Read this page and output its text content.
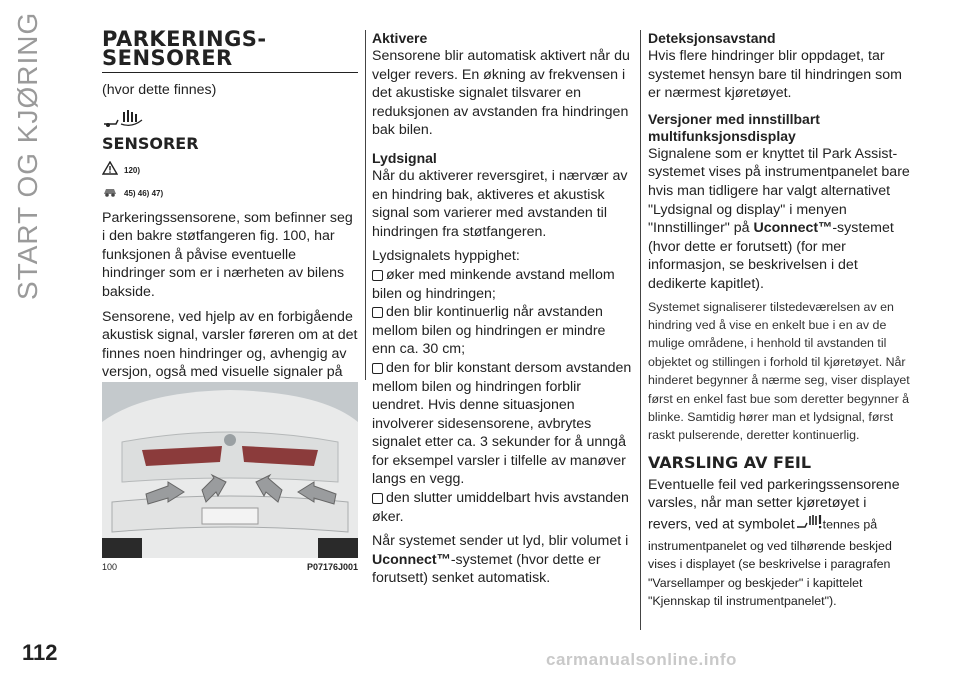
START OG KJØRING
112	carmanualsonline.info
PARKERINGS-
SENSORER

(hvor dette finnes)

SENSORER
120)
45) 46) 47)

Parkeringssensorene, som befinner seg i den bakre støtfangeren fig. 100, har funksjonen å påvise eventuelle hindringer som er i nærheten av bilens bakside.

Sensorene, ved hjelp av en forbigående akustisk signal, varsler føreren om at det finnes noen hindringer og, avhengig av versjon, også med visuelle signaler på

100	P07176J001
Aktivere

Sensorene blir automatisk aktivert når du velger revers. En økning av frekvensen i det akustiske signalet tilsvarer en reduksjonen av avstanden fra hindringen bak bilen.

Lydsignal

Når du aktiverer reversgiret, i nærvær av en hindring bak, aktiveres et akustisk signal som varierer med avstanden til hindringen fra støtfangeren.

Lydsignalets hyppighet:

øker med minkende avstand mellom bilen og hindringen;

den blir kontinuerlig når avstanden mellom bilen og hindringen er mindre enn ca. 30 cm;

den for blir konstant dersom avstanden mellom bilen og hindringen forblir uendret. Hvis denne situasjonen involverer sidesensorene, avbrytes signalet etter ca. 3 sekunder for å unngå for eksempel varsler i tilfelle av manøver langs en vegg.

den slutter umiddelbart hvis avstanden øker.

Når systemet sender ut lyd, blir volumet i Uconnect™-systemet (hvor dette er forutsett) senket automatisk.

Deteksjonsavstand

Hvis flere hindringer blir oppdaget, tar systemet hensyn bare til hindringen som er nærmest kjøretøyet.

Versjoner med innstillbart multifunksjonsdisplay

Signalene som er knyttet til Park Assist-systemet vises på instrumentpanelet bare hvis man tidligere har valgt alternativet "Lydsignal og display" i menyen "Innstillinger" på Uconnect™-systemet (hvor dette er forutsett) (for mer informasjon, se beskrivelsen i det dedikerte kapitlet).

Systemet signaliserer tilstedeværelsen av en hindring ved å vise en enkelt bue i en av de mulige områdene, i henhold til avstanden til objektet og stillingen i forhold til kjøretøyet. Når hinderet begynner å nærme seg, viser displayet først en enkel fast bue som deretter begynner å blinke. Samtidig hører man et lydsignal, først raskt pulserende, deretter kontinuerlig.

VARSLING AV FEIL

Eventuelle feil ved parkeringssensorene varsles, når man setter kjøretøyet i revers, ved at symbolet tennes på instrumentpanelet og ved tilhørende beskjed vises i displayet (se beskrivelse i paragrafen "Varsellamper og beskjeder" i kapittelet "Kjennskap til instrumentpanelet").
